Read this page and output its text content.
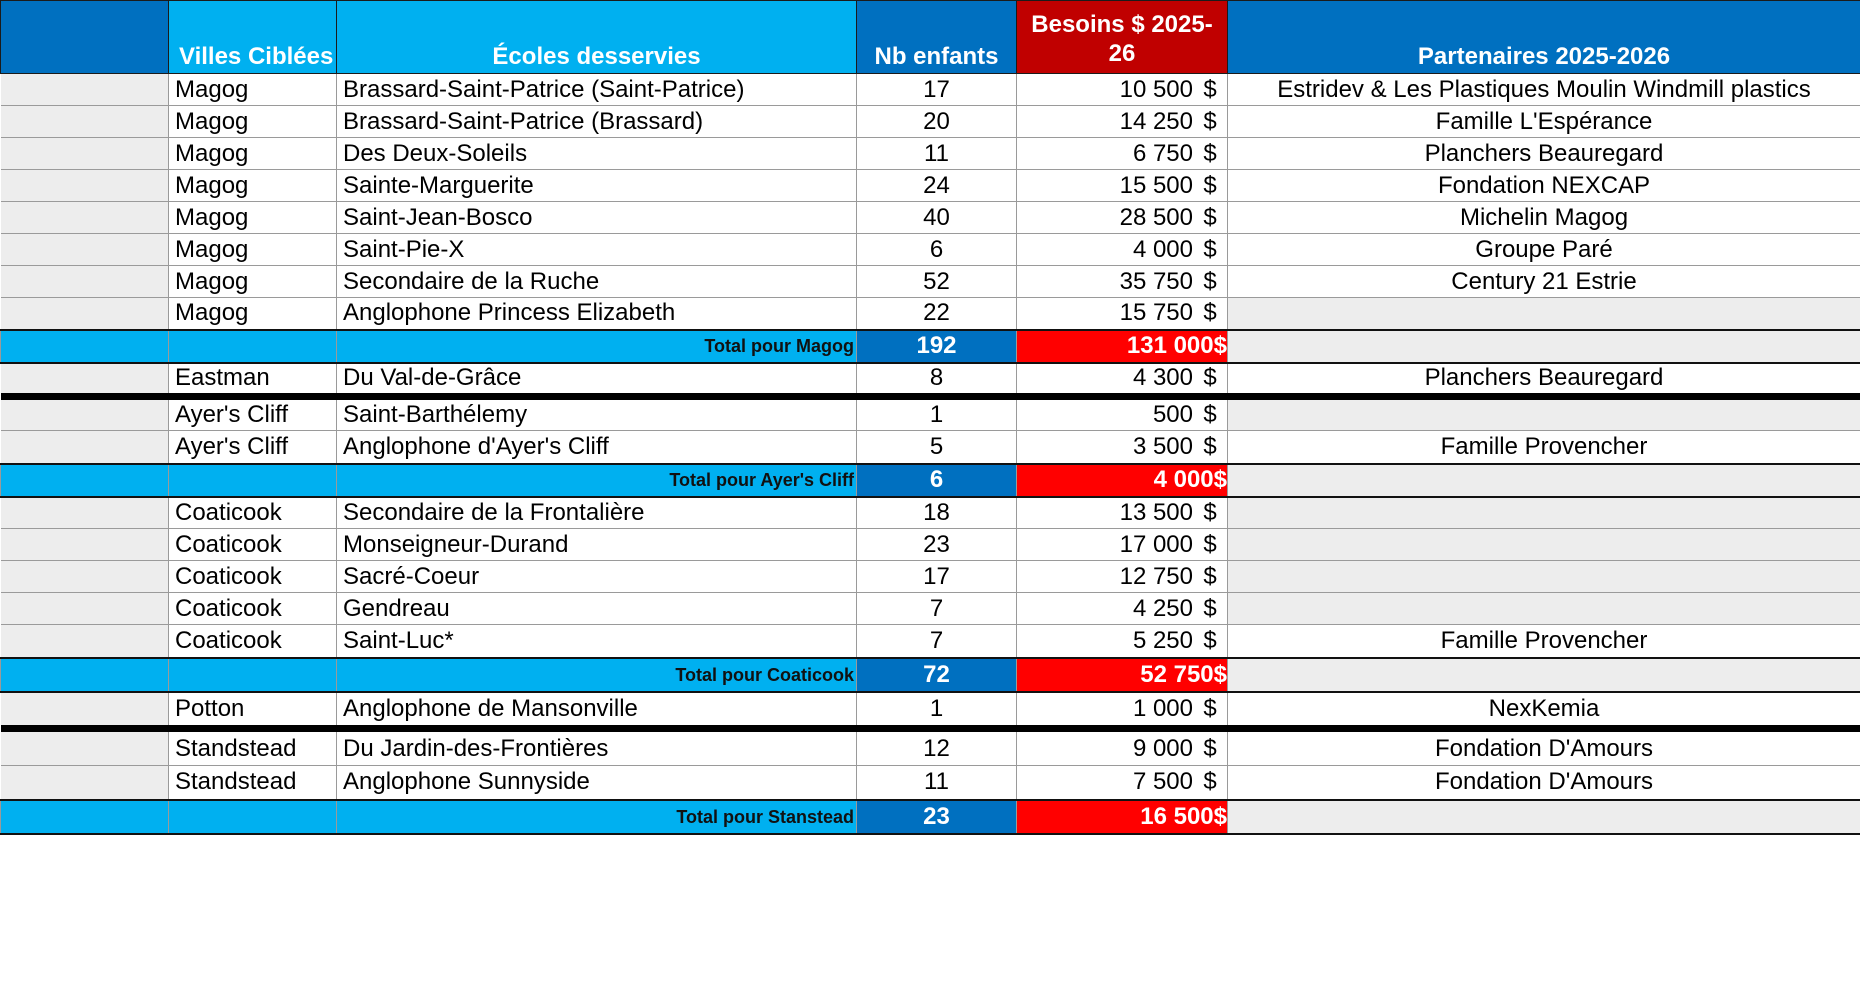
	Villes Ciblées	Écoles desservies	Nb enfants	Besoins $ 2025-26	Partenaires 2025-2026
	Magog	Brassard-Saint-Patrice (Saint-Patrice)	17	10 500 $	Estridev & Les Plastiques Moulin Windmill plastics
	Magog	Brassard-Saint-Patrice (Brassard)	20	14 250 $	Famille L'Espérance
	Magog	Des Deux-Soleils	11	6 750 $	Planchers Beauregard
	Magog	Sainte-Marguerite	24	15 500 $	Fondation NEXCAP
	Magog	Saint-Jean-Bosco	40	28 500 $	Michelin Magog
	Magog	Saint-Pie-X	6	4 000 $	Groupe Paré
	Magog	Secondaire de la Ruche	52	35 750 $	Century 21 Estrie
	Magog	Anglophone Princess Elizabeth	22	15 750 $	
		Total pour Magog	192	131 000$	
	Eastman	Du Val-de-Grâce	8	4 300 $	Planchers Beauregard
	Ayer's Cliff	Saint-Barthélemy	1	500 $	
	Ayer's Cliff	Anglophone d'Ayer's Cliff	5	3 500 $	Famille Provencher
		Total pour Ayer's Cliff	6	4 000$	
	Coaticook	Secondaire de la Frontalière	18	13 500 $	
	Coaticook	Monseigneur-Durand	23	17 000 $	
	Coaticook	Sacré-Coeur	17	12 750 $	
	Coaticook	Gendreau	7	4 250 $	
	Coaticook	Saint-Luc*	7	5 250 $	Famille Provencher
		Total pour Coaticook	72	52 750$	
	Potton	Anglophone de Mansonville	1	1 000 $	NexKemia
	Standstead	Du Jardin-des-Frontières	12	9 000 $	Fondation D'Amours
	Standstead	Anglophone Sunnyside	11	7 500 $	Fondation D'Amours
		Total pour Stanstead	23	16 500$	
